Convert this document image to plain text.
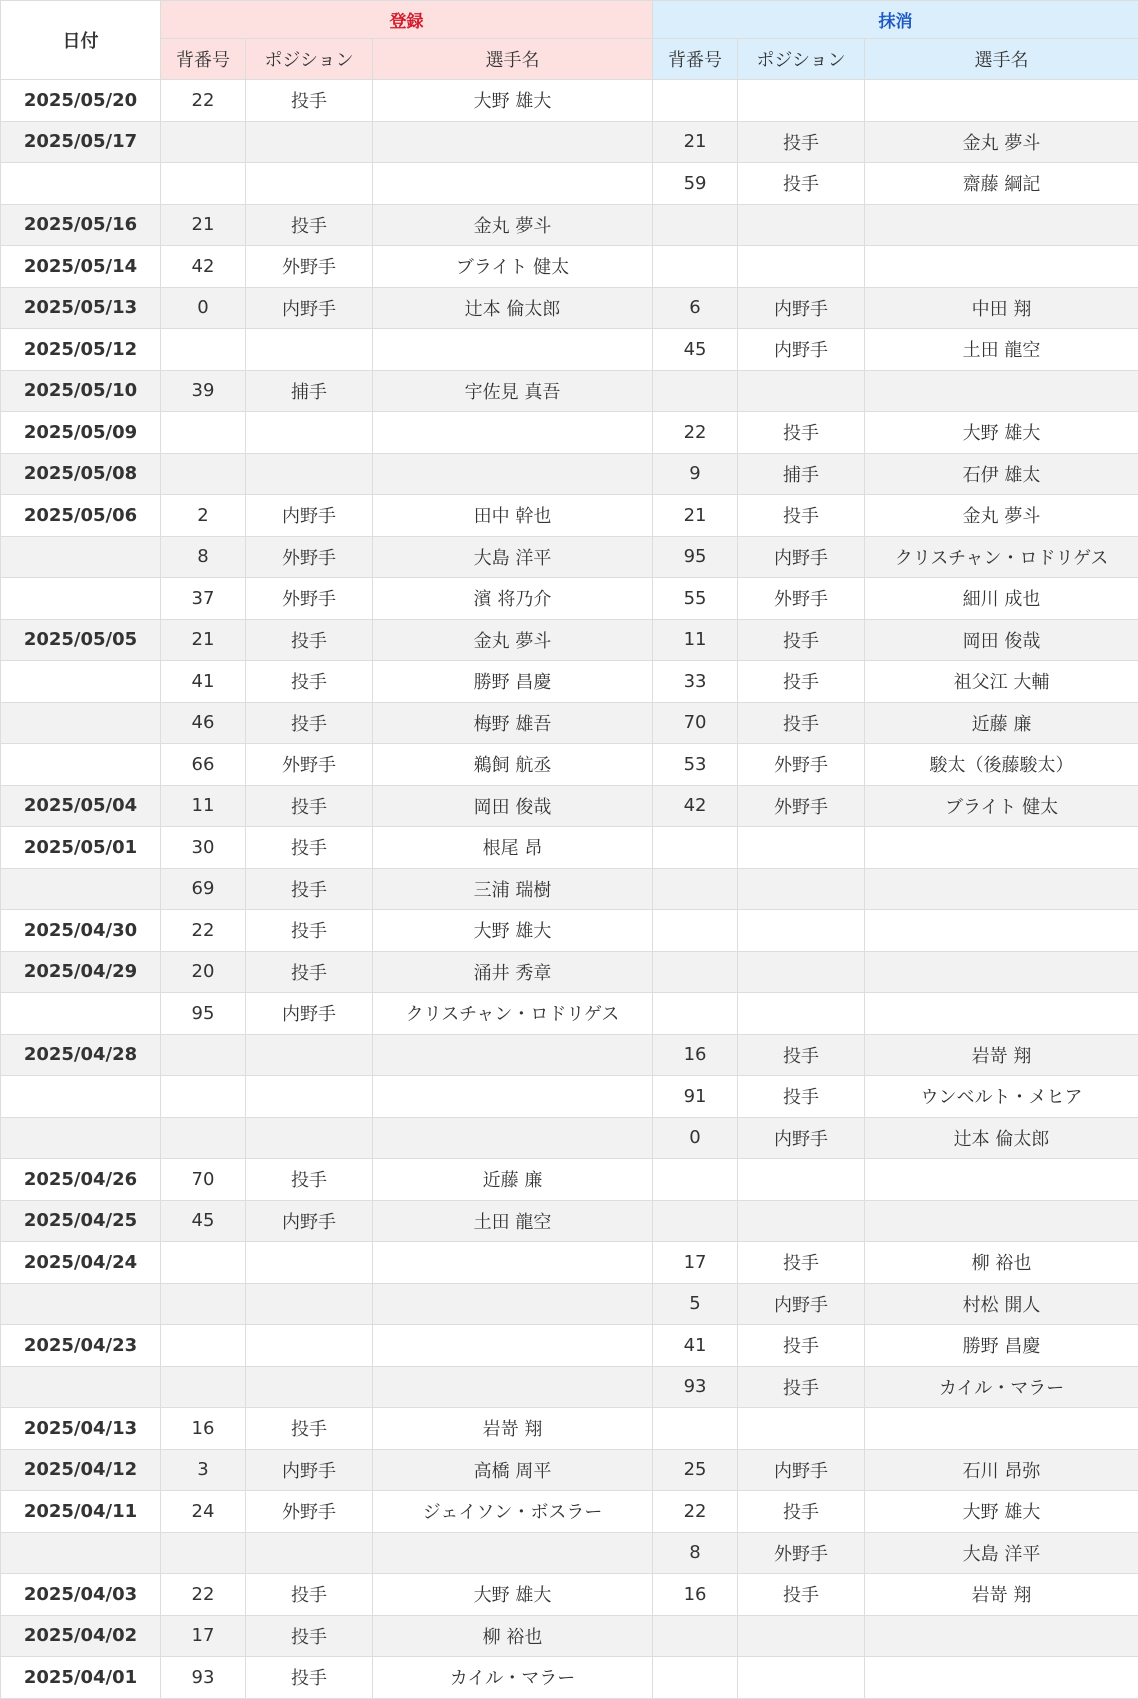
日付	登録			抹消		
	背番号	ポジション	選手名	背番号	ポジション	選手名
2025/05/20	22	投手	大野 雄大			
2025/05/17				21	投手	金丸 夢斗
				59	投手	齋藤 綱記
2025/05/16	21	投手	金丸 夢斗			
2025/05/14	42	外野手	ブライト 健太			
2025/05/13	0	内野手	辻本 倫太郎	6	内野手	中田 翔
2025/05/12				45	内野手	土田 龍空
2025/05/10	39	捕手	宇佐見 真吾			
2025/05/09				22	投手	大野 雄大
2025/05/08				9	捕手	石伊 雄太
2025/05/06	2	内野手	田中 幹也	21	投手	金丸 夢斗
	8	外野手	大島 洋平	95	内野手	クリスチャン・ロドリゲス
	37	外野手	濱 将乃介	55	外野手	細川 成也
2025/05/05	21	投手	金丸 夢斗	11	投手	岡田 俊哉
	41	投手	勝野 昌慶	33	投手	祖父江 大輔
	46	投手	梅野 雄吾	70	投手	近藤 廉
	66	外野手	鵜飼 航丞	53	外野手	駿太（後藤駿太）
2025/05/04	11	投手	岡田 俊哉	42	外野手	ブライト 健太
2025/05/01	30	投手	根尾 昂			
	69	投手	三浦 瑞樹			
2025/04/30	22	投手	大野 雄大			
2025/04/29	20	投手	涌井 秀章			
	95	内野手	クリスチャン・ロドリゲス			
2025/04/28				16	投手	岩嵜 翔
				91	投手	ウンベルト・メヒア
				0	内野手	辻本 倫太郎
2025/04/26	70	投手	近藤 廉			
2025/04/25	45	内野手	土田 龍空			
2025/04/24				17	投手	柳 裕也
				5	内野手	村松 開人
2025/04/23				41	投手	勝野 昌慶
				93	投手	カイル・マラー
2025/04/13	16	投手	岩嵜 翔			
2025/04/12	3	内野手	高橋 周平	25	内野手	石川 昂弥
2025/04/11	24	外野手	ジェイソン・ボスラー	22	投手	大野 雄大
				8	外野手	大島 洋平
2025/04/03	22	投手	大野 雄大	16	投手	岩嵜 翔
2025/04/02	17	投手	柳 裕也			
2025/04/01	93	投手	カイル・マラー			
